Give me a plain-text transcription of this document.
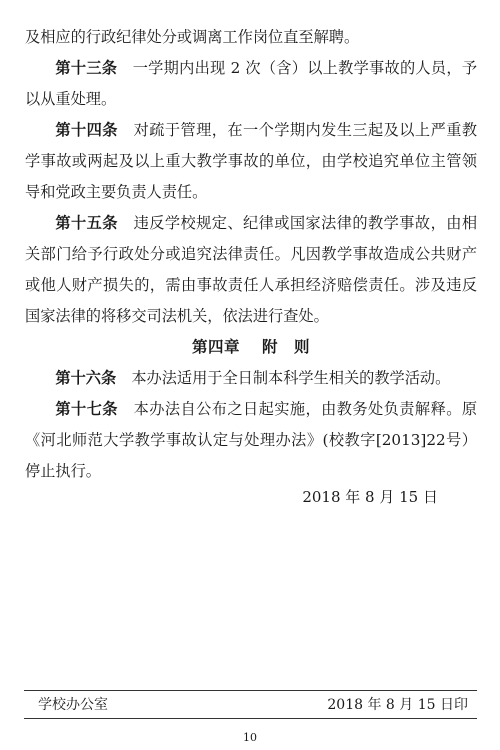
及相应的行政纪律处分或调离工作岗位直至解聘。

第十三条　 一学期内出现 2 次（含）以上教学事故的人员，予以从重处理。

第十四条　 对疏于管理，在一个学期内发生三起及以上严重教学事故或两起及以上重大教学事故的单位，由学校追究单位主管领导和党政主要负责人责任。

第十五条　 违反学校规定、纪律或国家法律的教学事故，由相关部门给予行政处分或追究法律责任。凡因教学事故造成公共财产或他人财产损失的，需由事故责任人承担经济赔偿责任。涉及违反国家法律的将移交司法机关，依法进行查处。

第四章 附　则

第十六条　 本办法适用于全日制本科学生相关的教学活动。

第十七条　 本办法自公布之日起实施，由教务处负责解释。原《河北师范大学教学事故认定与处理办法》(校教字[2013]22号）停止执行。

2018 年 8 月 15 日
学校办公室	2018 年 8 月 15 日印
10
